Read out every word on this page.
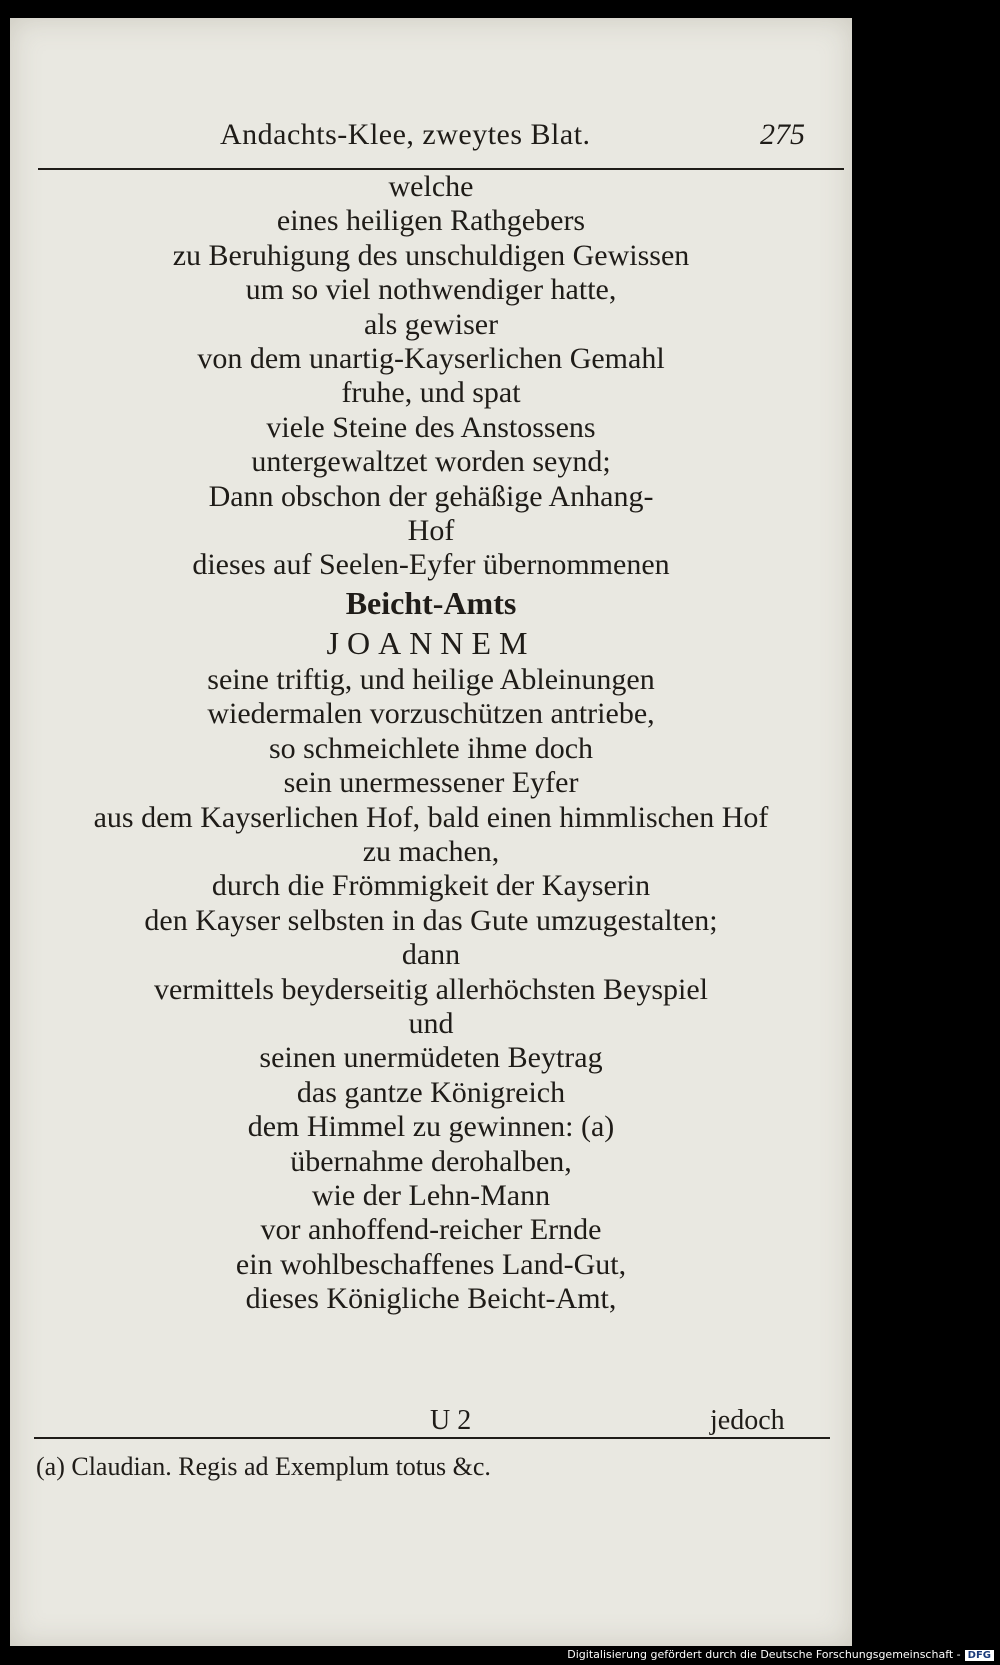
Andachts-Klee, zweytes Blat.	275
welche
eines heiligen Rathgebers
zu Beruhigung des unschuldigen Gewissen
um so viel nothwendiger hatte,
als gewiser
von dem unartig-Kayserlichen Gemahl
fruhe, und spat
viele Steine des Anstossens
untergewaltzet worden seynd;
Dann obschon der gehäßige Anhang-
Hof
dieses auf Seelen-Eyfer übernommenen
Beicht-Amts
JOANNEM
seine triftig, und heilige Ableinungen
wiedermalen vorzuschützen antriebe,
so schmeichlete ihme doch
sein unermessener Eyfer
aus dem Kayserlichen Hof, bald einen himmlischen Hof
zu machen,
durch die Frömmigkeit der Kayserin
den Kayser selbsten in das Gute umzugestalten;
dann
vermittels beyderseitig allerhöchsten Beyspiel
und
seinen unermüdeten Beytrag
das gantze Königreich
dem Himmel zu gewinnen: (a)
übernahme derohalben,
wie der Lehn-Mann
vor anhoffend-reicher Ernde
ein wohlbeschaffenes Land-Gut,
dieses Königliche Beicht-Amt,
U 2	jedoch
(a) Claudian. Regis ad Exemplum totus &c.
Digitalisierung gefördert durch die Deutsche Forschungsgemeinschaft - DFG
